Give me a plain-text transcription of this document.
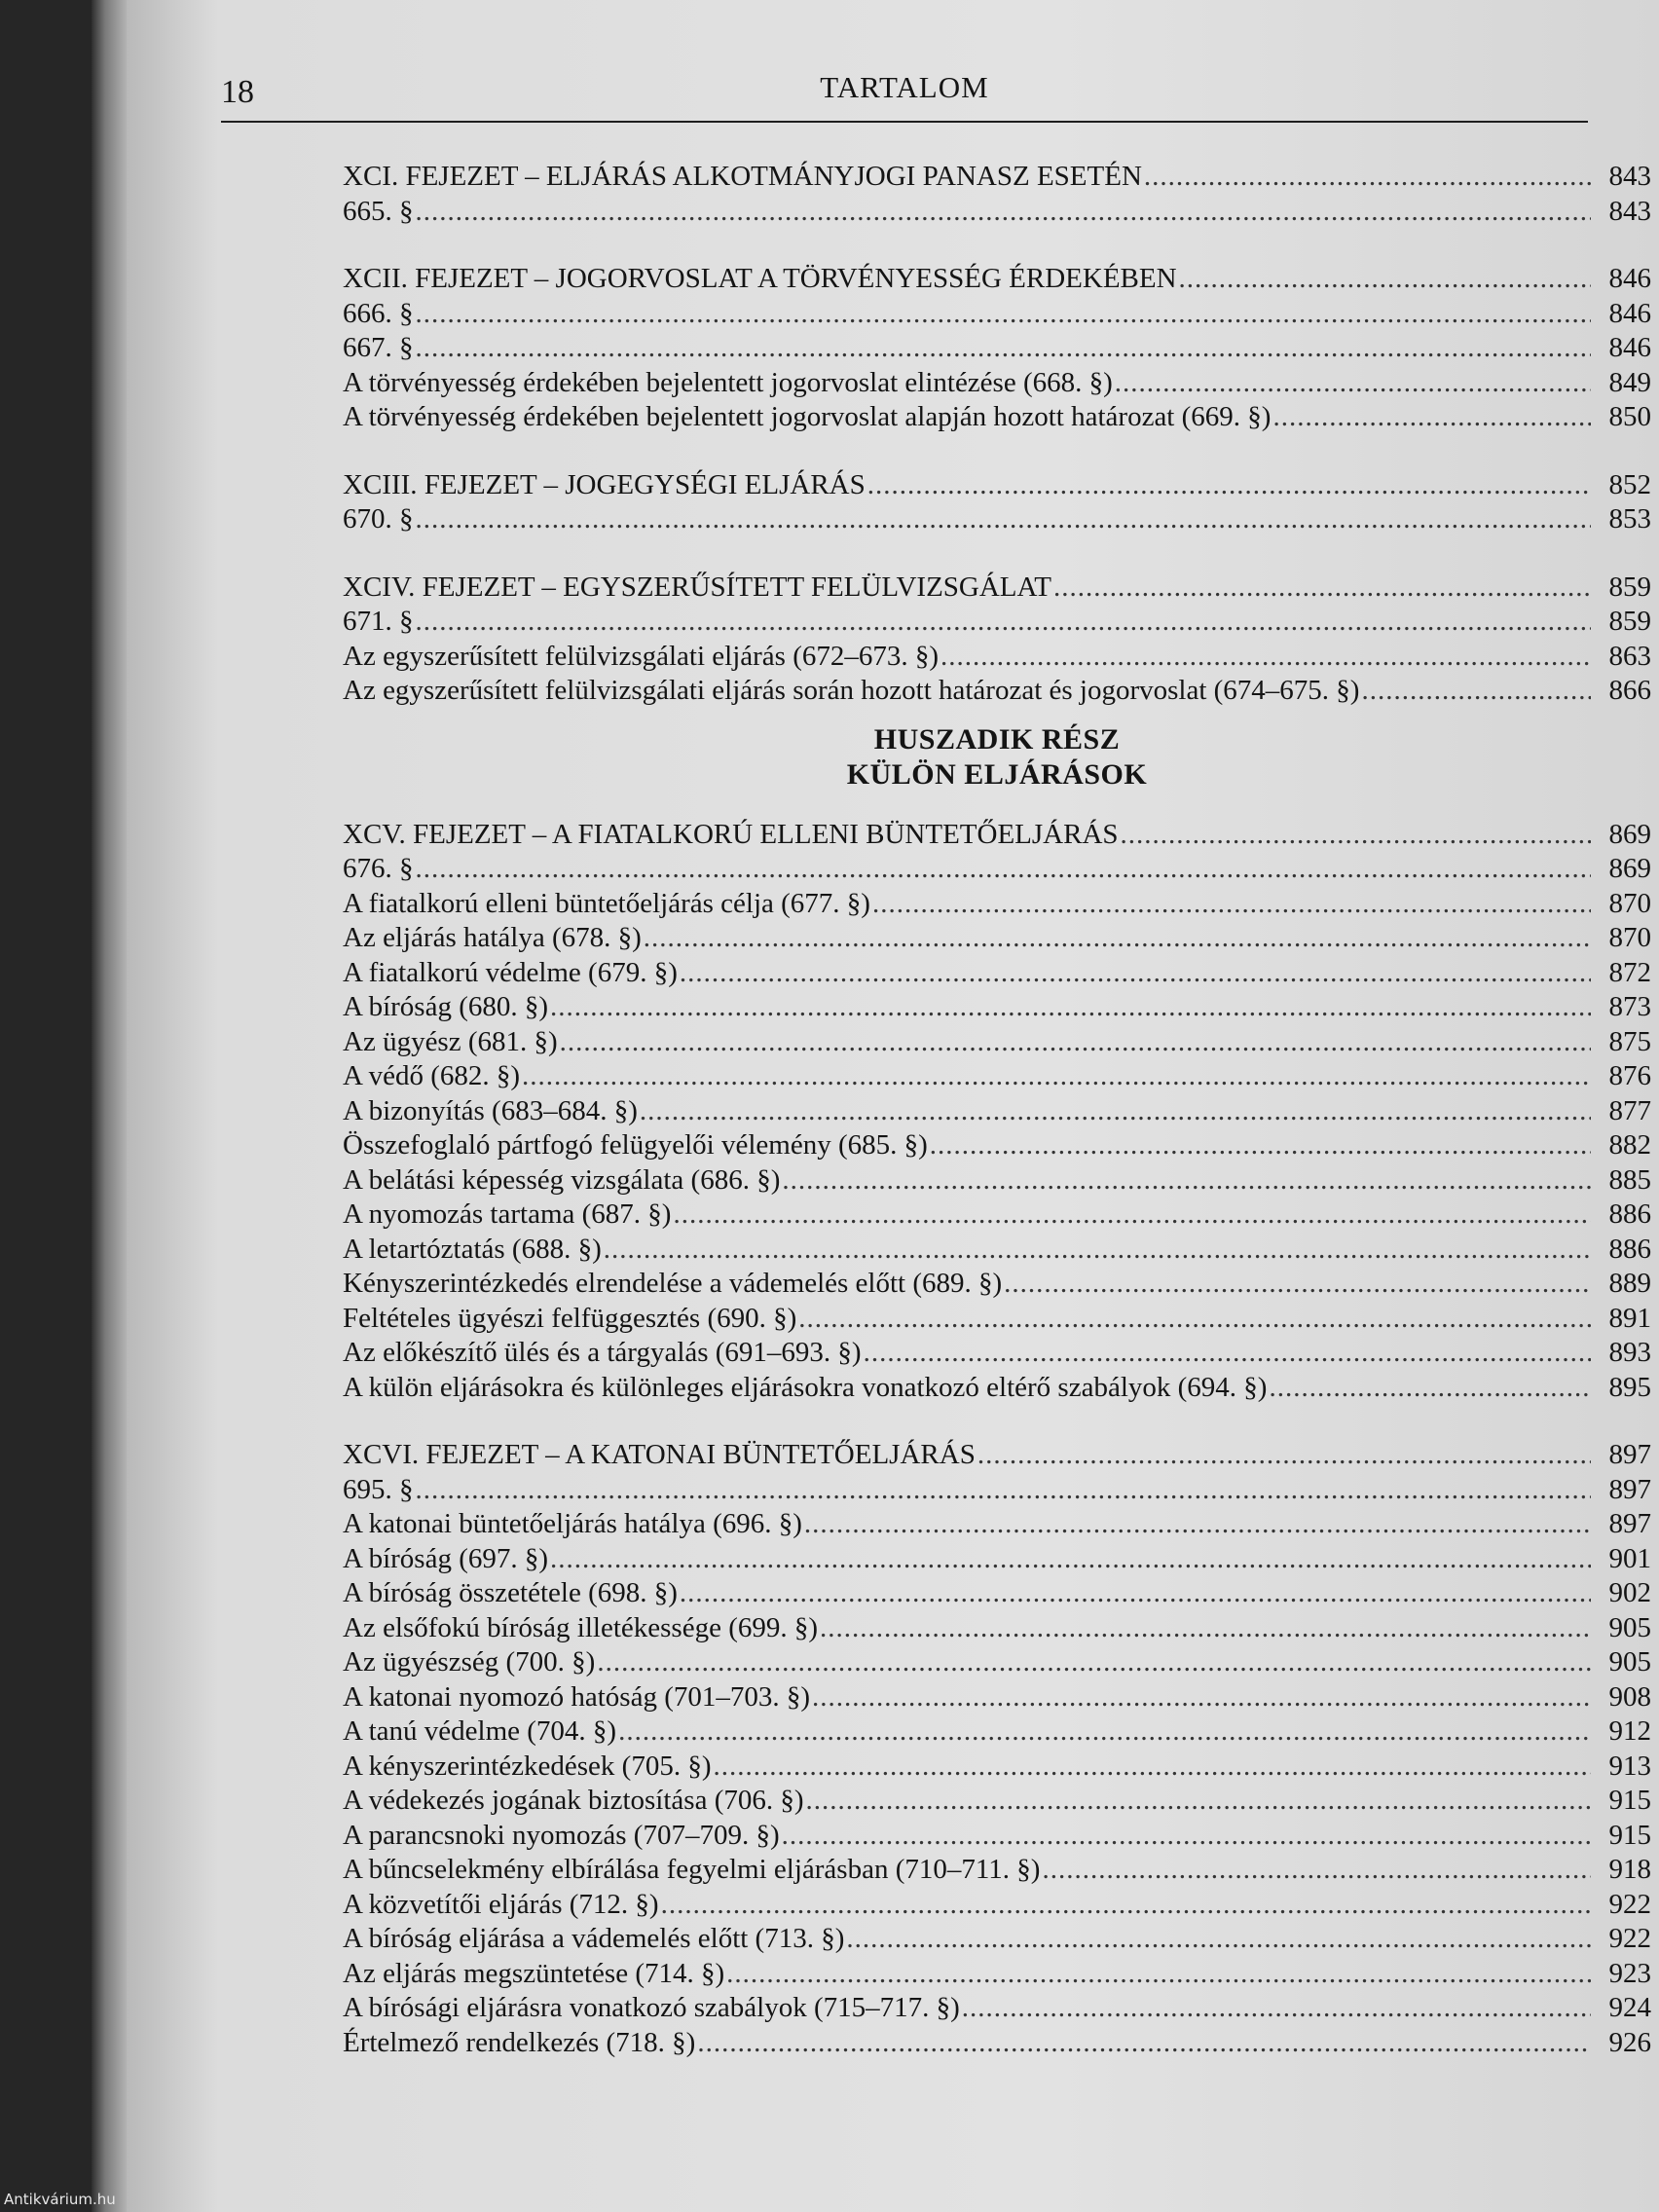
18	TARTALOM
XCI. FEJEZET – ELJÁRÁS ALKOTMÁNYJOGI PANASZ ESETÉN .....	843
665. § .....	843
XCII. FEJEZET – JOGORVOSLAT A TÖRVÉNYESSÉG ÉRDEKÉBEN .....	846
666. § .....	846
667. § .....	846
A törvényesség érdekében bejelentett jogorvoslat elintézése (668. §) .....	849
A törvényesség érdekében bejelentett jogorvoslat alapján hozott határozat (669. §) .....	850
XCIII. FEJEZET – JOGEGYSÉGI ELJÁRÁS .....	852
670. § .....	853
XCIV. FEJEZET – EGYSZERŰSÍTETT FELÜLVIZSGÁLAT .....	859
671. § .....	859
Az egyszerűsített felülvizsgálati eljárás (672–673. §) .....	863
Az egyszerűsített felülvizsgálati eljárás során hozott határozat és jogorvoslat (674–675. §) .....	866
HUSZADIK RÉSZ
KÜLÖN ELJÁRÁSOK
XCV. FEJEZET – A FIATALKORÚ ELLENI BÜNTETŐELJÁRÁS .....	869
676. § .....	869
A fiatalkorú elleni büntetőeljárás célja (677. §) .....	870
Az eljárás hatálya (678. §) .....	870
A fiatalkorú védelme (679. §) .....	872
A bíróság (680. §) .....	873
Az ügyész (681. §) .....	875
A védő (682. §) .....	876
A bizonyítás (683–684. §) .....	877
Összefoglaló pártfogó felügyelői vélemény (685. §) .....	882
A belátási képesség vizsgálata (686. §) .....	885
A nyomozás tartama (687. §) .....	886
A letartóztatás (688. §) .....	886
Kényszerintézkedés elrendelése a vádemelés előtt (689. §) .....	889
Feltételes ügyészi felfüggesztés (690. §) .....	891
Az előkészítő ülés és a tárgyalás (691–693. §) .....	893
A külön eljárásokra és különleges eljárásokra vonatkozó eltérő szabályok (694. §) .....	895
XCVI. FEJEZET – A KATONAI BÜNTETŐELJÁRÁS .....	897
695. § .....	897
A katonai büntetőeljárás hatálya (696. §) .....	897
A bíróság (697. §) .....	901
A bíróság összetétele (698. §) .....	902
Az elsőfokú bíróság illetékessége (699. §) .....	905
Az ügyészség (700. §) .....	905
A katonai nyomozó hatóság (701–703. §) .....	908
A tanú védelme (704. §) .....	912
A kényszerintézkedések (705. §) .....	913
A védekezés jogának biztosítása (706. §) .....	915
A parancsnoki nyomozás (707–709. §) .....	915
A bűncselekmény elbírálása fegyelmi eljárásban (710–711. §) .....	918
A közvetítői eljárás (712. §) .....	922
A bíróság eljárása a vádemelés előtt (713. §) .....	922
Az eljárás megszüntetése (714. §) .....	923
A bírósági eljárásra vonatkozó szabályok (715–717. §) .....	924
Értelmező rendelkezés (718. §) .....	926
Antikvárium.hu
